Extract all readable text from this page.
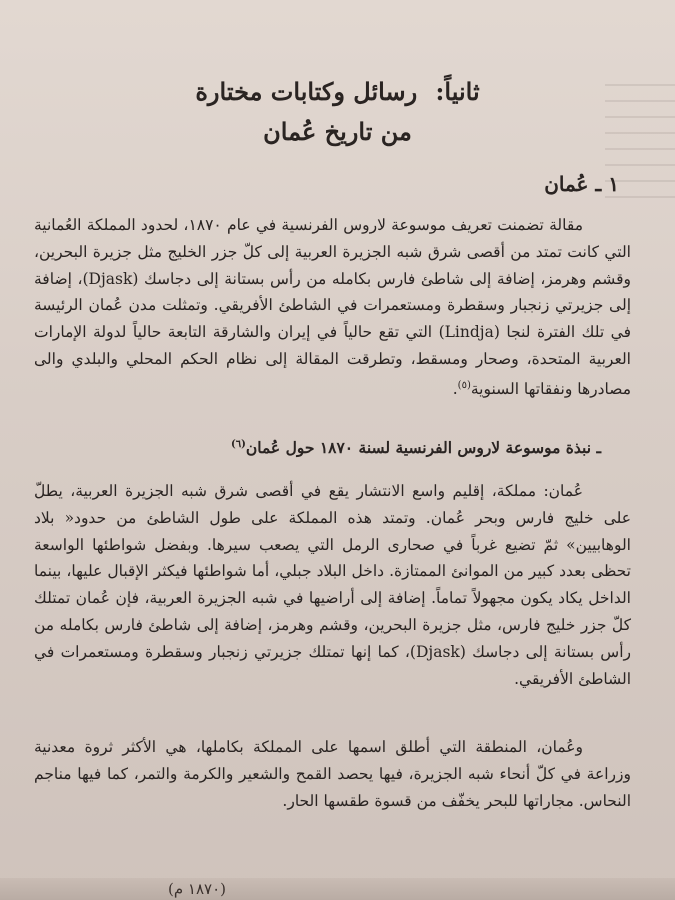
ثانياً: رسائل وكتابات مختارة
من تاريخ عُمان
١ ـ عُمان
مقالة تضمنت تعريف موسوعة لاروس الفرنسية في عام ١٨٧٠، لحدود المملكة العُمانية التي كانت تمتد من أقصى شرق شبه الجزيرة العربية إلى كلّ جزر الخليج مثل جزيرة البحرين، وقشم وهرمز، إضافة إلى شاطئ فارس بكامله من رأس بستانة إلى دجاسك (Djask)، إضافة إلى جزيرتي زنجبار وسقطرة ومستعمرات في الشاطئ الأفريقي. وتمثلت مدن عُمان الرئيسة في تلك الفترة لنجا (Lindja) التي تقع حالياً في إيران والشارقة التابعة حالياً لدولة الإمارات العربية المتحدة، وصحار ومسقط، وتطرقت المقالة إلى نظام الحكم المحلي والبلدي والى مصادرها ونفقاتها السنوية$^{(٥)}$.
ـ نبذة موسوعة لاروس الفرنسية لسنة ١٨٧٠ حول عُمان$^{(٦)}$
عُمان: مملكة، إقليم واسع الانتشار يقع في أقصى شرق شبه الجزيرة العربية، يطلّ على خليج فارس وبحر عُمان. وتمتد هذه المملكة على طول الشاطئ من حدود« بلاد الوهابيين» ثمّ تضيع غرباً في صحارى الرمل التي يصعب سيرها. وبفضل شواطئها الواسعة تحظى بعدد كبير من الموانئ الممتازة. داخل البلاد جبلي، أما شواطئها فيكثر الإقبال عليها، بينما الداخل يكاد يكون مجهولاً تماماً. إضافة إلى أراضيها في شبه الجزيرة العربية، فإن عُمان تمتلك كلّ جزر خليج فارس، مثل جزيرة البحرين، وقشم وهرمز، إضافة إلى شاطئ فارس بكامله من رأس بستانة إلى دجاسك (Djask)، كما إنها تمتلك جزيرتي زنجبار وسقطرة ومستعمرات في الشاطئ الأفريقي.
وعُمان، المنطقة التي أطلق اسمها على المملكة بكاملها، هي الأكثر ثروة معدنية وزراعة في كلّ أنحاء شبه الجزيرة، فيها يحصد القمح والشعير والكرمة والتمر، كما فيها مناجم النحاس. مجاراتها للبحر يخفّف من قسوة طقسها الحار.
(١٨٧٠ م)
